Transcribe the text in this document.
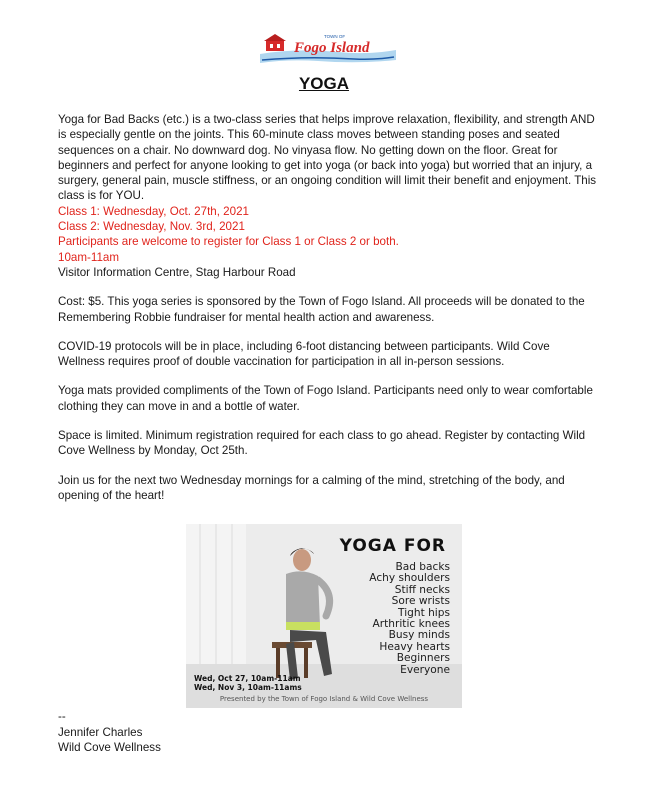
TOWN OF
Fogo Island
YOGA

Yoga for Bad Backs (etc.) is a two-class series that helps improve relaxation, flexibility, and strength AND is especially gentle on the joints. This 60-minute class moves between standing poses and seated sequences on a chair. No downward dog. No vinyasa flow. No getting down on the floor. Great for beginners and perfect for anyone looking to get into yoga (or back into yoga) but worried that an injury, a surgery, general pain, muscle stiffness, or an ongoing condition will limit their benefit and enjoyment. This class is for YOU.

Class 1: Wednesday, Oct. 27th, 2021

Class 2: Wednesday, Nov. 3rd, 2021

Participants are welcome to register for Class 1 or Class 2 or both.

10am-11am

Visitor Information Centre, Stag Harbour Road

Cost: $5. This yoga series is sponsored by the Town of Fogo Island. All proceeds will be donated to the Remembering Robbie fundraiser for mental health action and awareness.

COVID-19 protocols will be in place, including 6-foot distancing between participants. Wild Cove Wellness requires proof of double vaccination for participation in all in-person sessions.

Yoga mats provided compliments of the Town of Fogo Island. Participants need only to wear comfortable clothing they can move in and a bottle of water.

Space is limited. Minimum registration required for each class to go ahead. Register by contacting Wild Cove Wellness by Monday, Oct 25th.

Join us for the next two Wednesday mornings for a calming of the mind, stretching of the body, and opening of the heart!

YOGA FOR
Bad backs
Achy shoulders
Stiff necks
Sore wrists
Tight hips
Arthritic knees
Busy minds
Heavy hearts
Beginners
Everyone
Wed, Oct 27, 10am-11am
Wed, Nov 3, 10am-11ams
Presented by the Town of Fogo Island & Wild Cove Wellness
--
Jennifer Charles
Wild Cove Wellness
